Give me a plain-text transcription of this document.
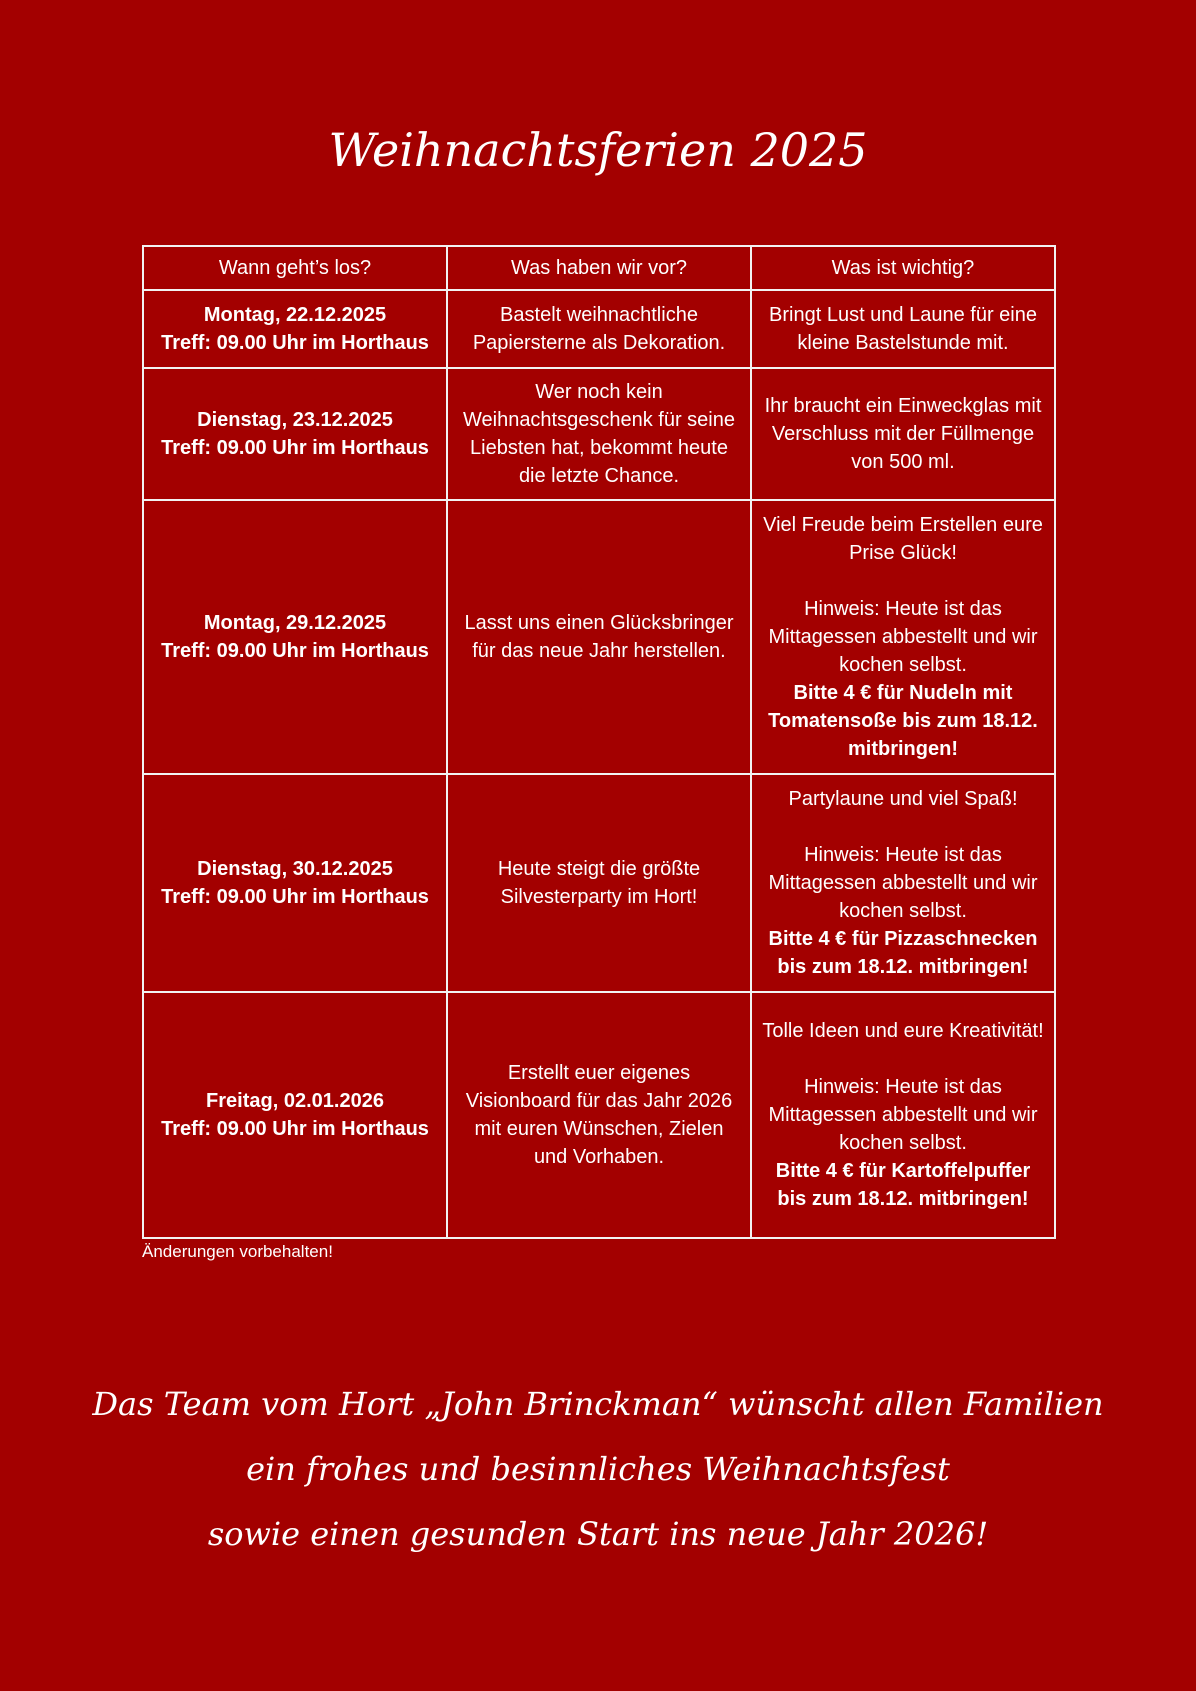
Weihnachtsferien 2025
Wann geht’s los?	Was haben wir vor?	Was ist wichtig?

Montag, 22.12.2025
Treff: 09.00 Uhr im Horthaus	Bastelt weihnachtliche Papiersterne als Dekoration.	Bringt Lust und Laune für eine kleine Bastelstunde mit.

Dienstag, 23.12.2025
Treff: 09.00 Uhr im Horthaus	Wer noch kein Weihnachtsgeschenk für seine Liebsten hat, bekommt heute die letzte Chance.	Ihr braucht ein Einweckglas mit Verschluss mit der Füllmenge von 500 ml.

Montag, 29.12.2025
Treff: 09.00 Uhr im Horthaus	Lasst uns einen Glücksbringer für das neue Jahr herstellen.	Viel Freude beim Erstellen eure Prise Glück!
Hinweis: Heute ist das Mittagessen abbestellt und wir kochen selbst.
Bitte 4 € für Nudeln mit Tomatensoße bis zum 18.12. mitbringen!

Dienstag, 30.12.2025
Treff: 09.00 Uhr im Horthaus	Heute steigt die größte Silvesterparty im Hort!	Partylaune und viel Spaß!
Hinweis: Heute ist das Mittagessen abbestellt und wir kochen selbst.
Bitte 4 € für Pizzaschnecken bis zum 18.12. mitbringen!

Freitag, 02.01.2026
Treff: 09.00 Uhr im Horthaus	Erstellt euer eigenes Visionboard für das Jahr 2026 mit euren Wünschen, Zielen und Vorhaben.	Tolle Ideen und eure Kreativität!
Hinweis: Heute ist das Mittagessen abbestellt und wir kochen selbst.
Bitte 4 € für Kartoffelpuffer bis zum 18.12. mitbringen!
Änderungen vorbehalten!
Das Team vom Hort „John Brinckman“ wünscht allen Familien
ein frohes und besinnliches Weihnachtsfest
sowie einen gesunden Start ins neue Jahr 2026!
